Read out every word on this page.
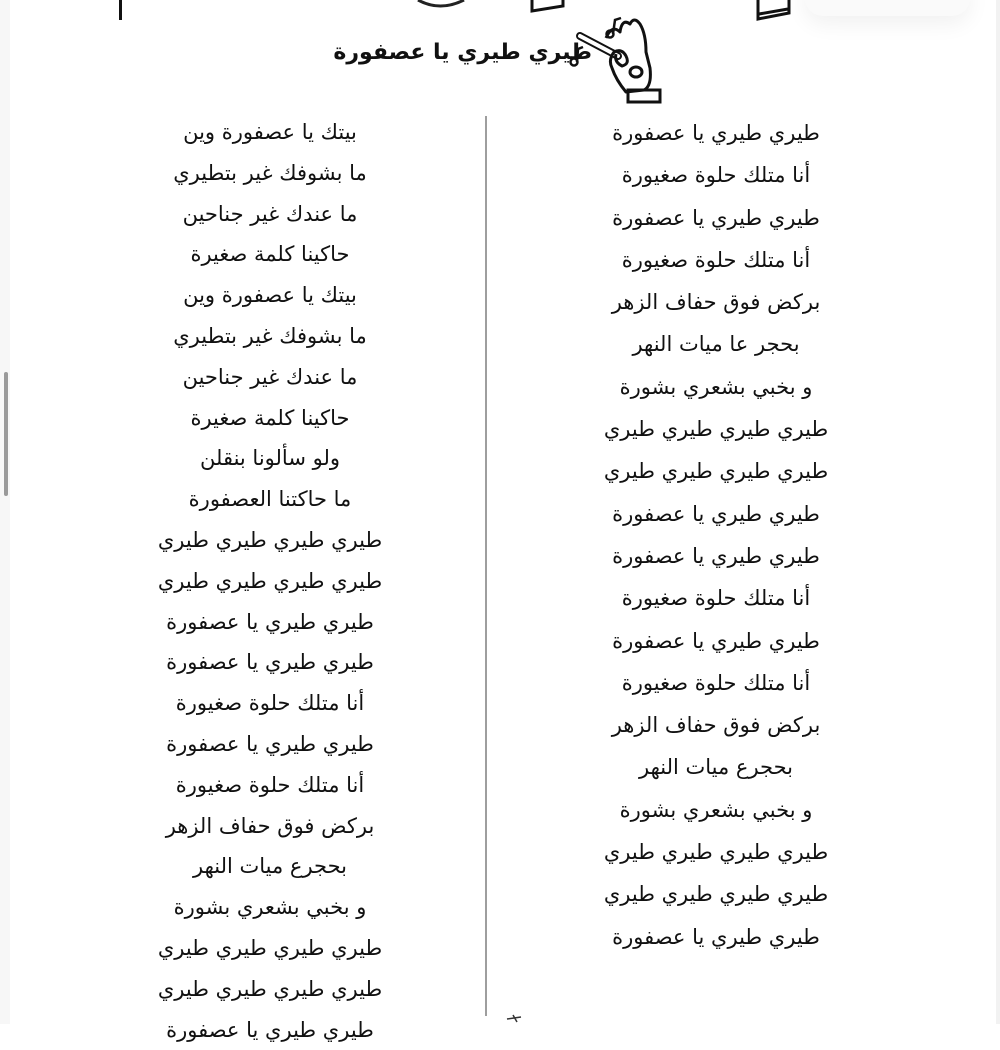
طيري طيري يا عصفورة
طيري طيري يا عصفورة
أنا متلك حلوة صغيورة
طيري طيري يا عصفورة
أنا متلك حلوة صغيورة
بركض فوق حفاف الزهر
بحجر عا ميات النهر
و بخبي بشعري بشورة
طيري طيري طيري طيري
طيري طيري طيري طيري
طيري طيري يا عصفورة
طيري طيري يا عصفورة
أنا متلك حلوة صغيورة
طيري طيري يا عصفورة
أنا متلك حلوة صغيورة
بركض فوق حفاف الزهر
بحجرع ميات النهر
و بخبي بشعري بشورة
طيري طيري طيري طيري
طيري طيري طيري طيري
طيري طيري يا عصفورة
بيتك يا عصفورة وين
ما بشوفك غير بتطيري
ما عندك غير جناحين
حاكينا كلمة صغيرة
بيتك يا عصفورة وين
ما بشوفك غير بتطيري
ما عندك غير جناحين
حاكينا كلمة صغيرة
ولو سألونا بنقلن
ما حاكتنا العصفورة
طيري طيري طيري طيري
طيري طيري طيري طيري
طيري طيري يا عصفورة
طيري طيري يا عصفورة
أنا متلك حلوة صغيورة
طيري طيري يا عصفورة
أنا متلك حلوة صغيورة
بركض فوق حفاف الزهر
بحجرع ميات النهر
و بخبي بشعري بشورة
طيري طيري طيري طيري
طيري طيري طيري طيري
طيري طيري يا عصفورة
